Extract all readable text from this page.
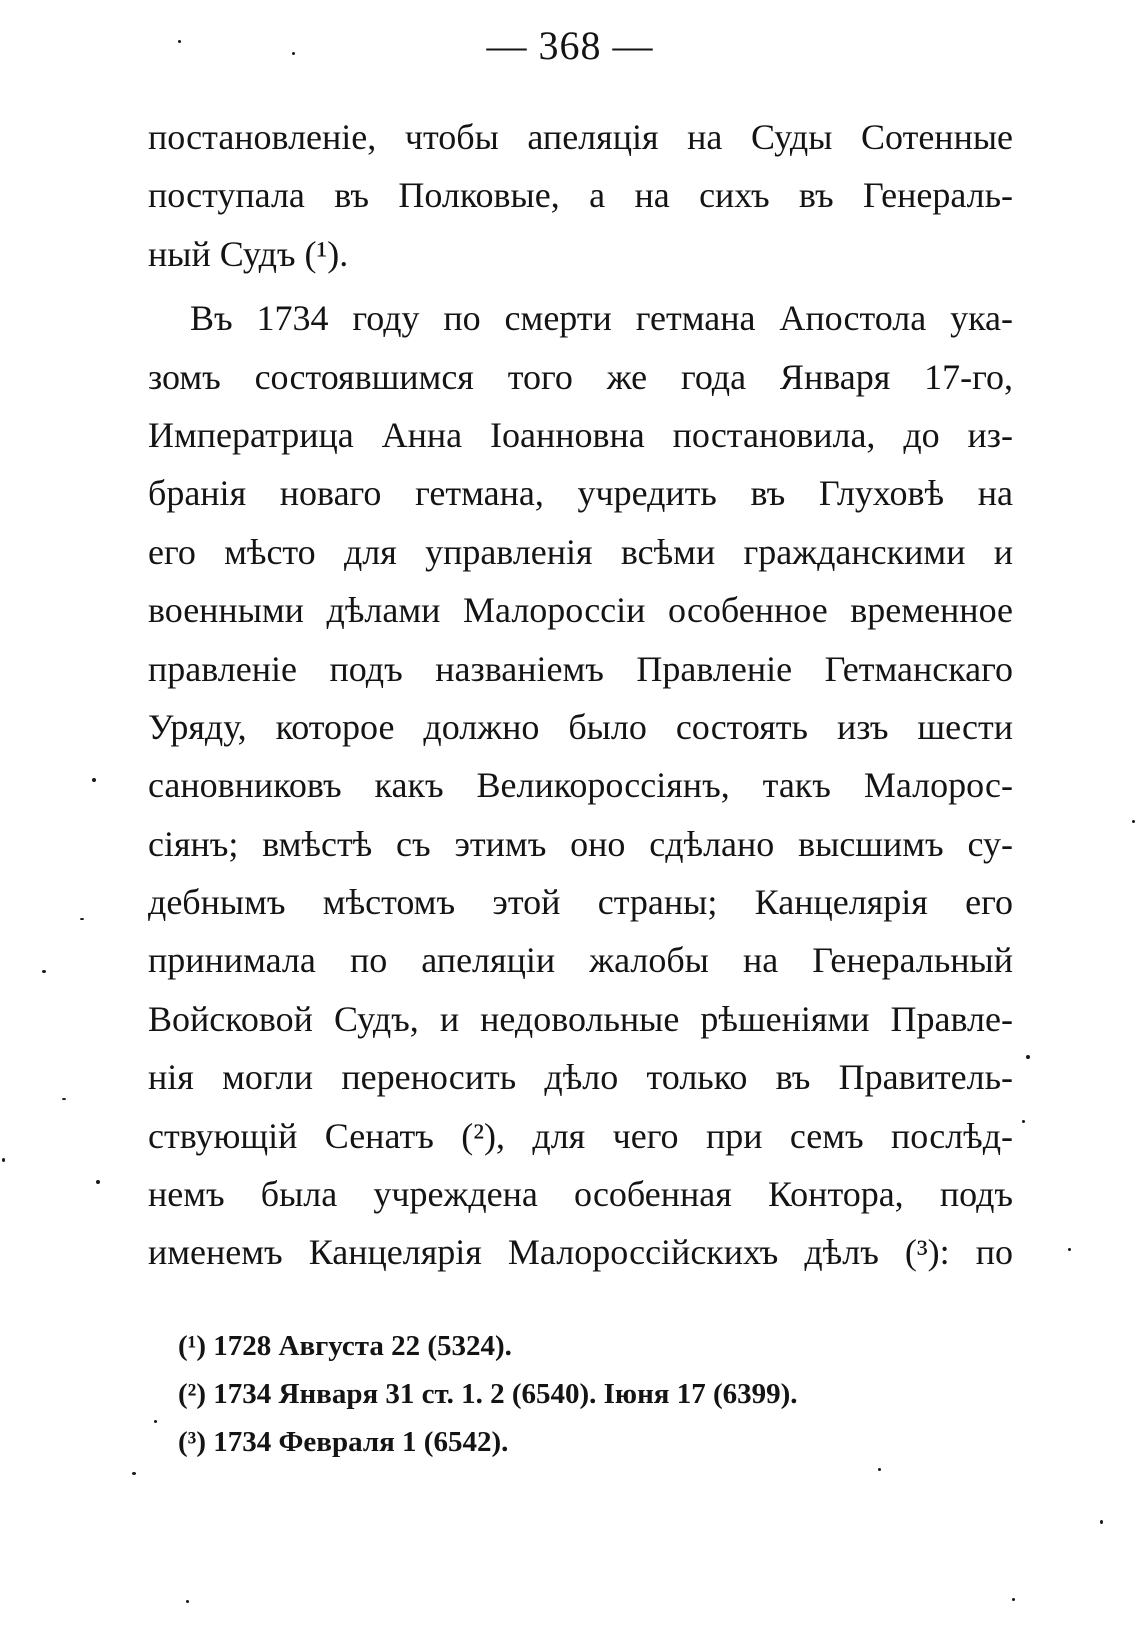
— 368 —
постановленіе, чтобы апеляція на Суды Сотенные
поступала въ Полковые, а на сихъ въ Генераль-
ный Судъ (¹).
Въ 1734 году по смерти гетмана Апостола ука-
зомъ состоявшимся того же года Января 17-го,
Императрица Анна Іоанновна постановила, до из-
бранія новаго гетмана, учредить въ Глуховѣ на
его мѣсто для управленія всѣми гражданскими и
военными дѣлами Малороссіи особенное временное
правленіе подъ названіемъ Правленіе Гетманскаго
Уряду, которое должно было состоять изъ шести
сановниковъ какъ Великороссіянъ, такъ Малорос-
сіянъ; вмѣстѣ съ этимъ оно сдѣлано высшимъ су-
дебнымъ мѣстомъ этой страны; Канцелярія его
принимала по апеляціи жалобы на Генеральный
Войсковой Судъ, и недовольные рѣшеніями Правле-
нія могли переносить дѣло только въ Правитель-
ствующій Сенатъ (²), для чего при семъ послѣд-
немъ была учреждена особенная Контора, подъ
именемъ Канцелярія Малороссійскихъ дѣлъ (³): по
(¹) 1728 Августа 22 (5324).
(²) 1734 Января 31 ст. 1. 2 (6540). Іюня 17 (6399).
(³) 1734 Февраля 1 (6542).
